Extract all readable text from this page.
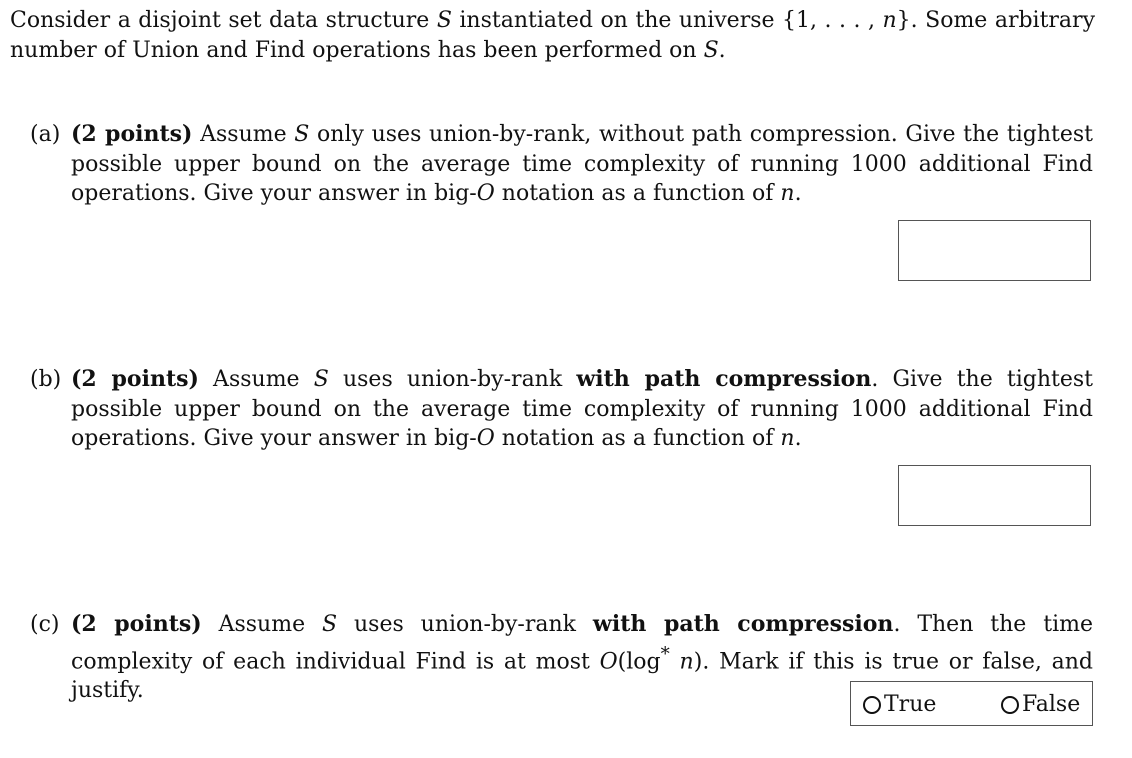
Consider a disjoint set data structure S instantiated on the universe {1, . . . , n}. Some arbitrary number of Union and Find operations has been performed on S.

(a) (2 points) Assume S only uses union-by-rank, without path compression. Give the tightest possible upper bound on the average time complexity of running 1000 additional Find operations. Give your answer in big-O notation as a function of n.
(b) (2 points) Assume S uses union-by-rank with path compression. Give the tightest possible upper bound on the average time complexity of running 1000 additional Find operations. Give your answer in big-O notation as a function of n.
(c) (2 points) Assume S uses union-by-rank with path compression. Then the time complexity of each individual Find is at most O(log* n). Mark if this is true or false, and justify.
True	False
